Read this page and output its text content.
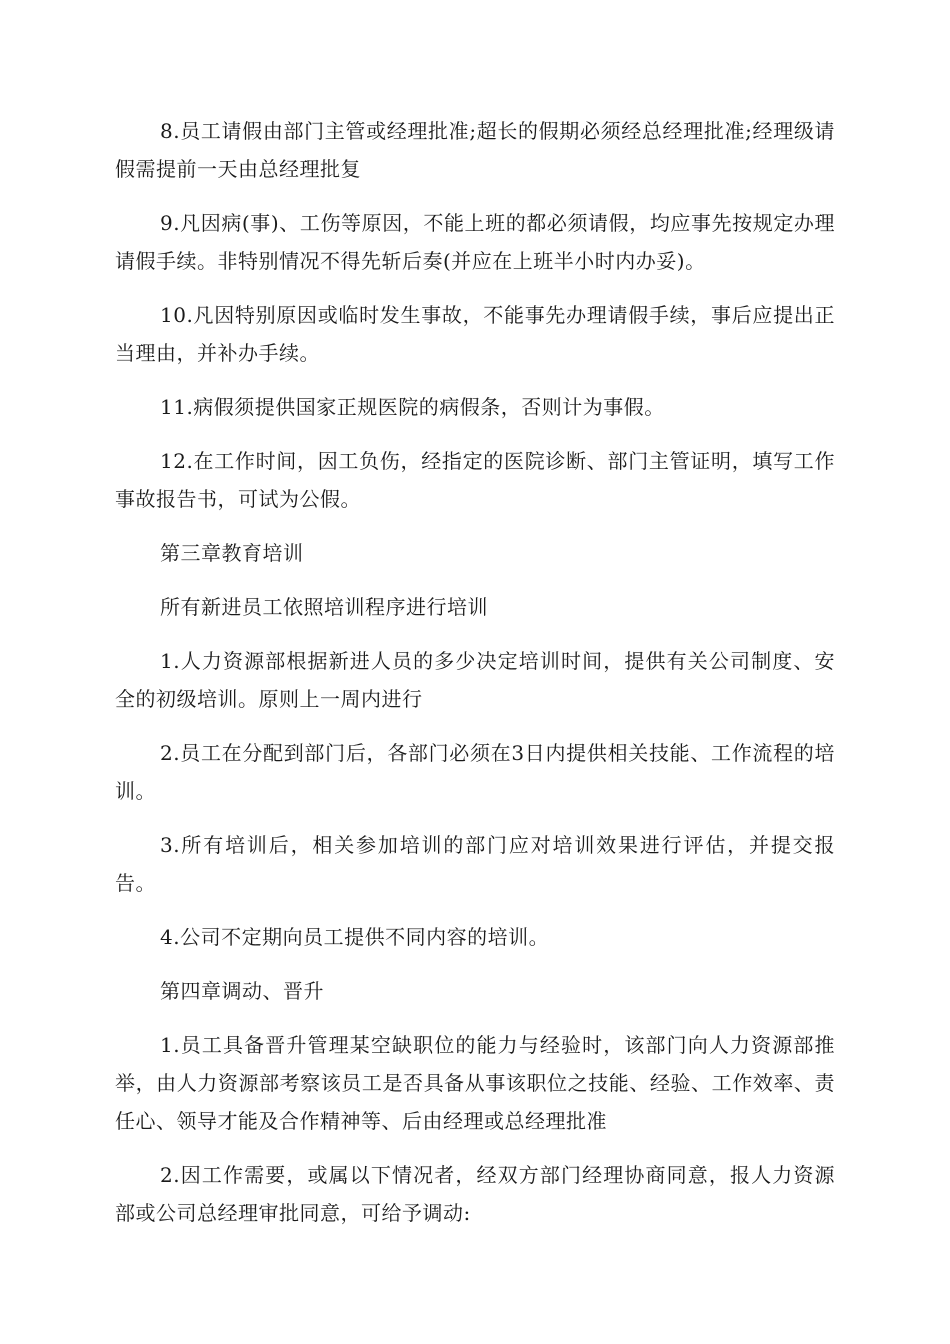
8.员工请假由部门主管或经理批准;超长的假期必须经总经理批准;经理级请假需提前一天由总经理批复

9.凡因病(事)、工伤等原因，不能上班的都必须请假，均应事先按规定办理请假手续。非特别情况不得先斩后奏(并应在上班半小时内办妥)。

10.凡因特别原因或临时发生事故，不能事先办理请假手续，事后应提出正当理由，并补办手续。

11.病假须提供国家正规医院的病假条，否则计为事假。

12.在工作时间，因工负伤，经指定的医院诊断、部门主管证明，填写工作事故报告书，可试为公假。

第三章教育培训

所有新进员工依照培训程序进行培训

1.人力资源部根据新进人员的多少决定培训时间，提供有关公司制度、安全的初级培训。原则上一周内进行

2.员工在分配到部门后，各部门必须在3日内提供相关技能、工作流程的培训。

3.所有培训后，相关参加培训的部门应对培训效果进行评估，并提交报告。

4.公司不定期向员工提供不同内容的培训。

第四章调动、晋升

1.员工具备晋升管理某空缺职位的能力与经验时，该部门向人力资源部推举，由人力资源部考察该员工是否具备从事该职位之技能、经验、工作效率、责任心、领导才能及合作精神等、后由经理或总经理批准

2.因工作需要，或属以下情况者，经双方部门经理协商同意，报人力资源部或公司总经理审批同意，可给予调动:
